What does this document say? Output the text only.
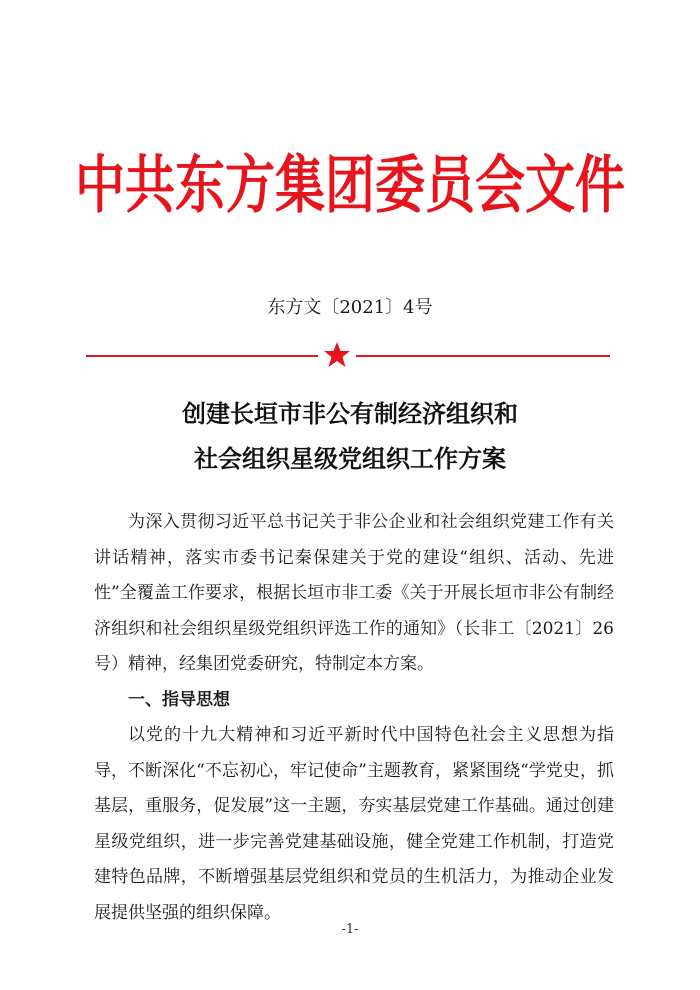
中共东方集团委员会文件
东方文〔2021〕4号
创建长垣市非公有制经济组织和
社会组织星级党组织工作方案

为深入贯彻习近平总书记关于非公企业和社会组织党建工作有关讲话精神，落实市委书记秦保建关于党的建设“组织、活动、先进性”全覆盖工作要求，根据长垣市非工委《关于开展长垣市非公有制经济组织和社会组织星级党组织评选工作的通知》（长非工〔2021〕26号）精神，经集团党委研究，特制定本方案。

一、指导思想

以党的十九大精神和习近平新时代中国特色社会主义思想为指导，不断深化“不忘初心，牢记使命”主题教育，紧紧围绕“学党史，抓基层，重服务，促发展”这一主题，夯实基层党建工作基础。通过创建星级党组织，进一步完善党建基础设施，健全党建工作机制，打造党建特色品牌，不断增强基层党组织和党员的生机活力，为推动企业发展提供坚强的组织保障。

-1-
